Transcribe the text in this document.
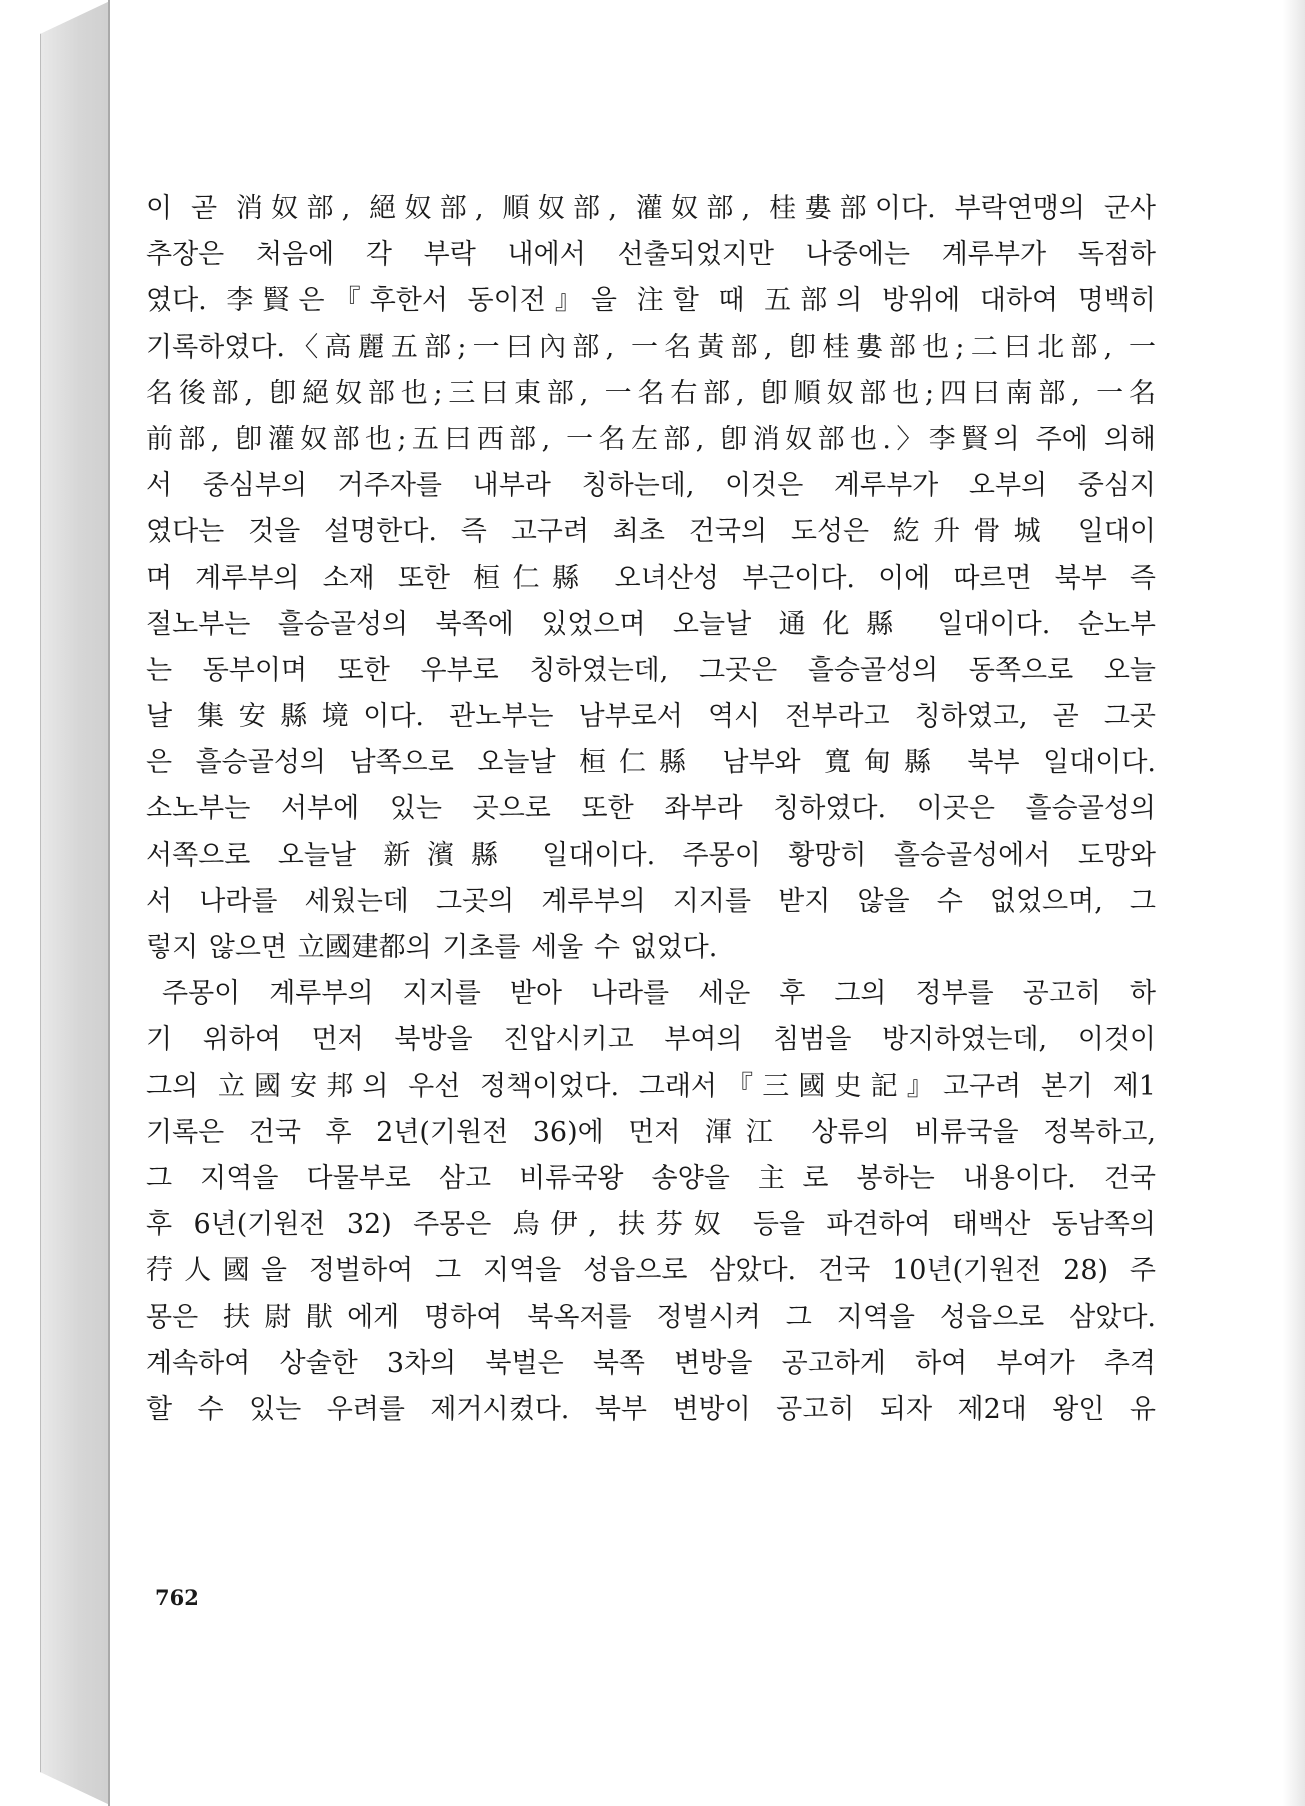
이 곧 消奴部, 絕奴部, 順奴部, 灌奴部, 桂婁部이다. 부락연맹의 군사
추장은 처음에 각 부락 내에서 선출되었지만 나중에는 계루부가 독점하
였다. 李賢은『후한서 동이전』을 注할 때 五部의 방위에 대하여 명백히
기록하였다.〈高麗五部;一曰內部, 一名黃部, 卽桂婁部也;二曰北部, 一
名後部, 卽絕奴部也;三曰東部, 一名右部, 卽順奴部也;四曰南部, 一名
前部, 卽灌奴部也;五曰西部, 一名左部, 卽消奴部也.〉李賢의 주에 의해
서 중심부의 거주자를 내부라 칭하는데, 이것은 계루부가 오부의 중심지
였다는 것을 설명한다. 즉 고구려 최초 건국의 도성은 紇升骨城 일대이
며 계루부의 소재 또한 桓仁縣 오녀산성 부근이다. 이에 따르면 북부 즉
절노부는 흘승골성의 북쪽에 있었으며 오늘날 通化縣 일대이다. 순노부
는 동부이며 또한 우부로 칭하였는데, 그곳은 흘승골성의 동쪽으로 오늘
날 集安縣境이다. 관노부는 남부로서 역시 전부라고 칭하였고, 곧 그곳
은 흘승골성의 남쪽으로 오늘날 桓仁縣 남부와 寬甸縣 북부 일대이다.
소노부는 서부에 있는 곳으로 또한 좌부라 칭하였다. 이곳은 흘승골성의
서쪽으로 오늘날 新濱縣 일대이다. 주몽이 황망히 흘승골성에서 도망와
서 나라를 세웠는데 그곳의 계루부의 지지를 받지 않을 수 없었으며, 그
렇지 않으면 立國建都의 기초를 세울 수 없었다.
주몽이 계루부의 지지를 받아 나라를 세운 후 그의 정부를 공고히 하
기 위하여 먼저 북방을 진압시키고 부여의 침범을 방지하였는데, 이것이
그의 立國安邦의 우선 정책이었다. 그래서『三國史記』고구려 본기 제1
기록은 건국 후 2년(기원전 36)에 먼저 渾江 상류의 비류국을 정복하고,
그 지역을 다물부로 삼고 비류국왕 송양을 主로 봉하는 내용이다. 건국
후 6년(기원전 32) 주몽은 烏伊, 扶芬奴 등을 파견하여 태백산 동남쪽의
荇人國을 정벌하여 그 지역을 성읍으로 삼았다. 건국 10년(기원전 28) 주
몽은 扶尉猒에게 명하여 북옥저를 정벌시켜 그 지역을 성읍으로 삼았다.
계속하여 상술한 3차의 북벌은 북쪽 변방을 공고하게 하여 부여가 추격
할 수 있는 우려를 제거시켰다. 북부 변방이 공고히 되자 제2대 왕인 유
762
